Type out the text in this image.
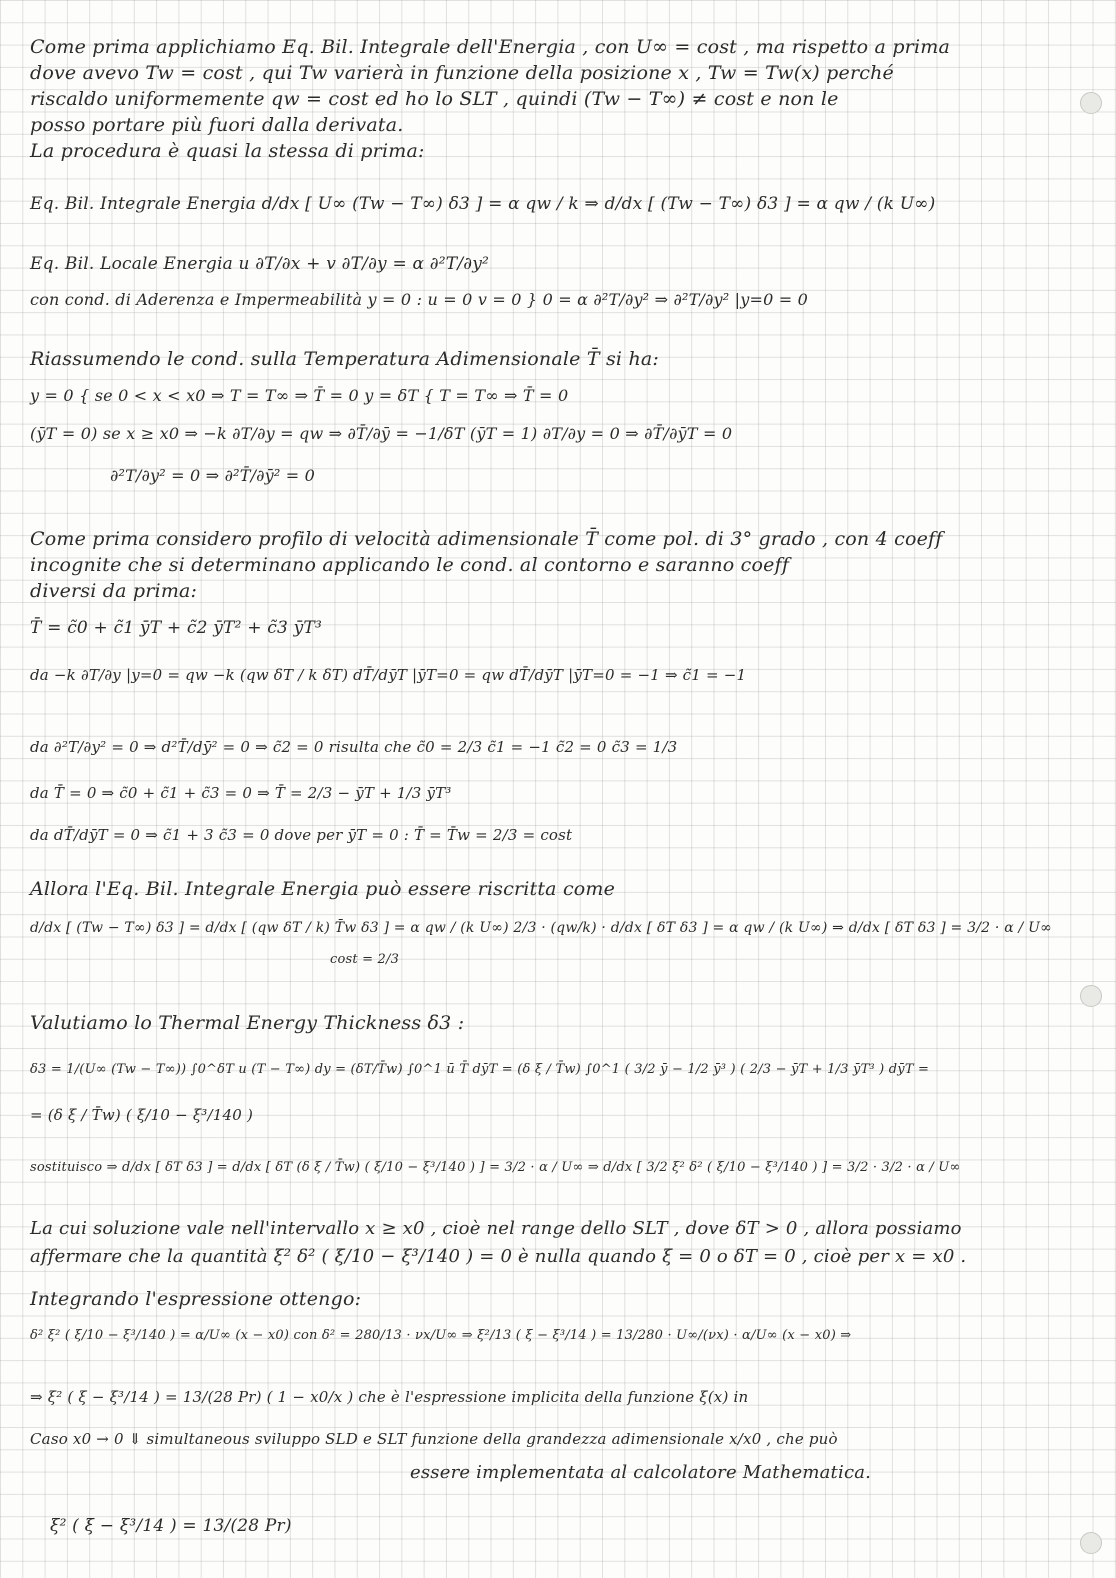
Come prima applichiamo Eq. Bil. Integrale dell'Energia , con U∞ = cost , ma rispetto a prima
dove avevo Tw = cost , qui Tw varierà in funzione della posizione x , Tw = Tw(x) perché
riscaldo uniformemente qw = cost ed ho lo SLT , quindi (Tw − T∞) ≠ cost e non le
posso portare più fuori dalla derivata.
La procedura è quasi la stessa di prima:
Eq. Bil. Integrale Energia d/dx [ U∞ (Tw − T∞) δ3 ] = α qw / k ⇒ d/dx [ (Tw − T∞) δ3 ] = α qw / (k U∞)
Eq. Bil. Locale Energia u ∂T/∂x + v ∂T/∂y = α ∂²T/∂y²
con cond. di Aderenza e Impermeabilità y = 0 : u = 0 v = 0 } 0 = α ∂²T/∂y² ⇒ ∂²T/∂y² |y=0 = 0
Riassumendo le cond. sulla Temperatura Adimensionale T̄ si ha:
y = 0 { se 0 < x < x0 ⇒ T = T∞ ⇒ T̄ = 0 y = δT { T = T∞ ⇒ T̄ = 0
(ȳT = 0) se x ≥ x0 ⇒ −k ∂T/∂y = qw ⇒ ∂T̄/∂ȳ = −1/δT (ȳT = 1) ∂T/∂y = 0 ⇒ ∂T̄/∂ȳT = 0
∂²T/∂y² = 0 ⇒ ∂²T̄/∂ȳ² = 0
Come prima considero profilo di velocità adimensionale T̄ come pol. di 3° grado , con 4 coeff
incognite che si determinano applicando le cond. al contorno e saranno coeff
diversi da prima:
T̄ = c̃0 + c̃1 ȳT + c̃2 ȳT² + c̃3 ȳT³
da −k ∂T/∂y |y=0 = qw −k (qw δT / k δT) dT̄/dȳT |ȳT=0 = qw dT̄/dȳT |ȳT=0 = −1 ⇒ c̃1 = −1
da ∂²T/∂y² = 0 ⇒ d²T̄/dȳ² = 0 ⇒ c̃2 = 0 risulta che c̃0 = 2/3 c̃1 = −1 c̃2 = 0 c̃3 = 1/3
da T̄ = 0 ⇒ c̃0 + c̃1 + c̃3 = 0 ⇒ T̄ = 2/3 − ȳT + 1/3 ȳT³
da dT̄/dȳT = 0 ⇒ c̃1 + 3 c̃3 = 0 dove per ȳT = 0 : T̄ = T̄w = 2/3 = cost
Allora l'Eq. Bil. Integrale Energia può essere riscritta come
d/dx [ (Tw − T∞) δ3 ] = d/dx [ (qw δT / k) T̄w δ3 ] = α qw / (k U∞) 2/3 · (qw/k) · d/dx [ δT δ3 ] = α qw / (k U∞) ⇒ d/dx [ δT δ3 ] = 3/2 · α / U∞
cost = 2/3
Valutiamo lo Thermal Energy Thickness δ3 :
δ3 = 1/(U∞ (Tw − T∞)) ∫0^δT u (T − T∞) dy = (δT/T̄w) ∫0^1 ū T̄ dȳT = (δ ξ / T̄w) ∫0^1 ( 3/2 ȳ − 1/2 ȳ³ ) ( 2/3 − ȳT + 1/3 ȳT³ ) dȳT =
= (δ ξ / T̄w) ( ξ/10 − ξ³/140 )
sostituisco ⇒ d/dx [ δT δ3 ] = d/dx [ δT (δ ξ / T̄w) ( ξ/10 − ξ³/140 ) ] = 3/2 · α / U∞ ⇒ d/dx [ 3/2 ξ² δ² ( ξ/10 − ξ³/140 ) ] = 3/2 · 3/2 · α / U∞
La cui soluzione vale nell'intervallo x ≥ x0 , cioè nel range dello SLT , dove δT > 0 , allora possiamo
affermare che la quantità ξ² δ² ( ξ/10 − ξ³/140 ) = 0 è nulla quando ξ = 0 o δT = 0 , cioè per x = x0 .
Integrando l'espressione ottengo:
δ² ξ² ( ξ/10 − ξ³/140 ) = α/U∞ (x − x0) con δ² = 280/13 · νx/U∞ ⇒ ξ²/13 ( ξ − ξ³/14 ) = 13/280 · U∞/(νx) · α/U∞ (x − x0) ⇒
⇒ ξ² ( ξ − ξ³/14 ) = 13/(28 Pr) ( 1 − x0/x ) che è l'espressione implicita della funzione ξ(x) in
Caso x0 → 0 ⇓ simultaneous sviluppo SLD e SLT funzione della grandezza adimensionale x/x0 , che può
essere implementata al calcolatore Mathematica.
ξ² ( ξ − ξ³/14 ) = 13/(28 Pr)
